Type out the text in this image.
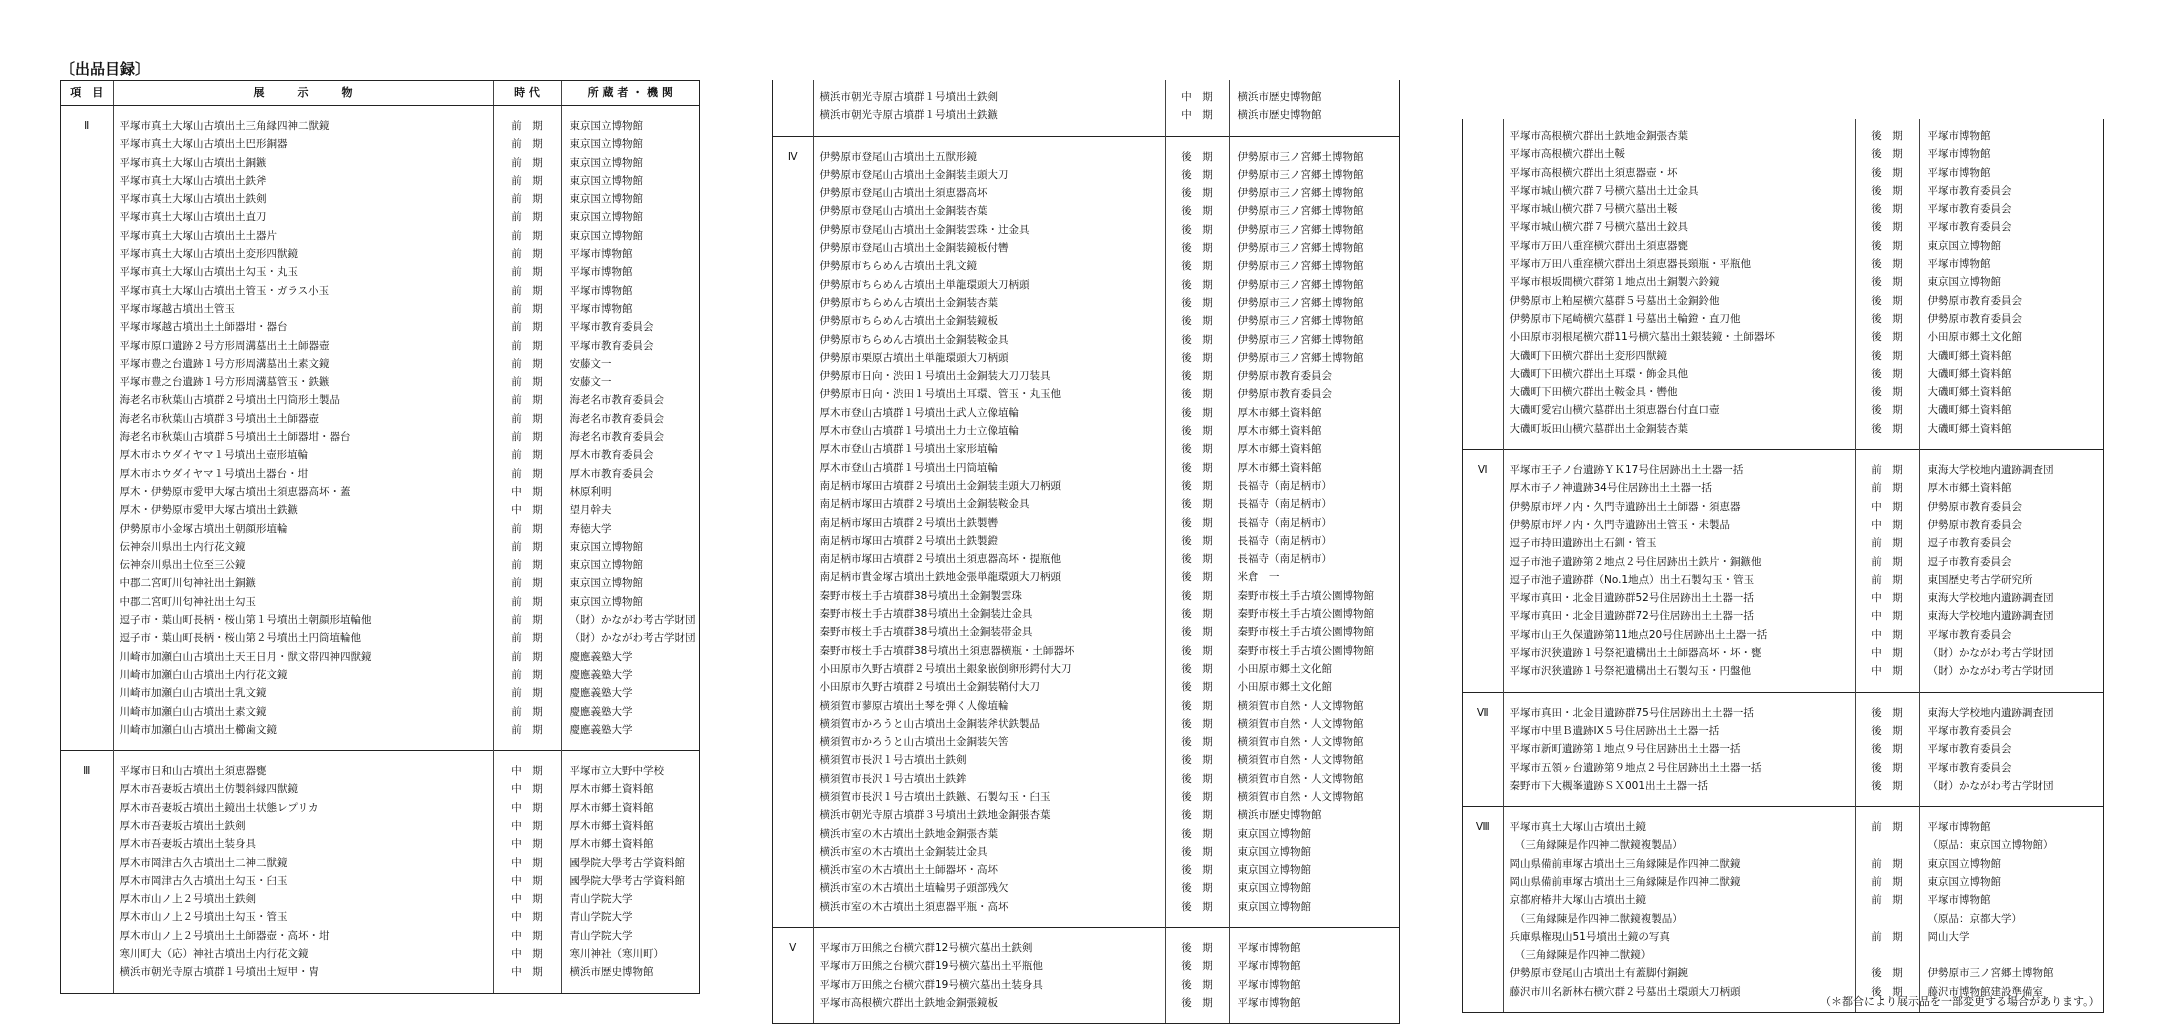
〔出品目録〕
項　目	展　　　示　　　物	時 代	所 蔵 者 ・ 機 関
Ⅱ	平塚市真土大塚山古墳出土三角縁四神二獣鏡	前　期	東京国立博物館
	平塚市真土大塚山古墳出土巴形銅器	前　期	東京国立博物館
	平塚市真土大塚山古墳出土銅鏃	前　期	東京国立博物館
	平塚市真土大塚山古墳出土鉄斧	前　期	東京国立博物館
	平塚市真土大塚山古墳出土鉄剣	前　期	東京国立博物館
	平塚市真土大塚山古墳出土直刀	前　期	東京国立博物館
	平塚市真土大塚山古墳出土土器片	前　期	東京国立博物館
	平塚市真土大塚山古墳出土変形四獣鏡	前　期	平塚市博物館
	平塚市真土大塚山古墳出土勾玉・丸玉	前　期	平塚市博物館
	平塚市真土大塚山古墳出土管玉・ガラス小玉	前　期	平塚市博物館
	平塚市塚越古墳出土管玉	前　期	平塚市博物館
	平塚市塚越古墳出土土師器坩・器台	前　期	平塚市教育委員会
	平塚市原口遺跡２号方形周溝墓出土土師器壺	前　期	平塚市教育委員会
	平塚市豊之台遺跡１号方形周溝墓出土素文鏡	前　期	安藤文一
	平塚市豊之台遺跡１号方形周溝墓管玉・鉄鏃	前　期	安藤文一
	海老名市秋葉山古墳群２号墳出土円筒形土製品	前　期	海老名市教育委員会
	海老名市秋葉山古墳群３号墳出土土師器壺	前　期	海老名市教育委員会
	海老名市秋葉山古墳群５号墳出土土師器坩・器台	前　期	海老名市教育委員会
	厚木市ホウダイヤマ１号墳出土壺形埴輪	前　期	厚木市教育委員会
	厚木市ホウダイヤマ１号墳出土器台・坩	前　期	厚木市教育委員会
	厚木・伊勢原市愛甲大塚古墳出土須恵器高坏・蓋	中　期	林原利明
	厚木・伊勢原市愛甲大塚古墳出土鉄鏃	中　期	望月幹夫
	伊勢原市小金塚古墳出土朝顔形埴輪	前　期	寿徳大学
	伝神奈川県出土内行花文鏡	前　期	東京国立博物館
	伝神奈川県出土位至三公鏡	前　期	東京国立博物館
	中郡二宮町川匂神社出土銅鏃	前　期	東京国立博物館
	中郡二宮町川匂神社出土勾玉	前　期	東京国立博物館
	逗子市・葉山町長柄・桜山第１号墳出土朝顔形埴輪他	前　期	（財）かながわ考古学財団
	逗子市・葉山町長柄・桜山第２号墳出土円筒埴輪他	前　期	（財）かながわ考古学財団
	川崎市加瀬白山古墳出土天王日月・獣文帯四神四獣鏡	前　期	慶應義塾大学
	川崎市加瀬白山古墳出土内行花文鏡	前　期	慶應義塾大学
	川崎市加瀬白山古墳出土乳文鏡	前　期	慶應義塾大学
	川崎市加瀬白山古墳出土素文鏡	前　期	慶應義塾大学
	川崎市加瀬白山古墳出土櫛歯文鏡	前　期	慶應義塾大学
Ⅲ	平塚市日和山古墳出土須恵器甕	中　期	平塚市立大野中学校
	厚木市吾妻坂古墳出土仿製斜縁四獣鏡	中　期	厚木市郷土資料館
	厚木市吾妻坂古墳出土鏡出土状態レプリカ	中　期	厚木市郷土資料館
	厚木市吾妻坂古墳出土鉄剣	中　期	厚木市郷土資料館
	厚木市吾妻坂古墳出土装身具	中　期	厚木市郷土資料館
	厚木市岡津古久古墳出土二神二獣鏡	中　期	國學院大學考古学資料館
	厚木市岡津古久古墳出土勾玉・臼玉	中　期	國學院大學考古学資料館
	厚木市山ノ上２号墳出土鉄剣	中　期	青山学院大学
	厚木市山ノ上２号墳出土勾玉・管玉	中　期	青山学院大学
	厚木市山ノ上２号墳出土土師器壺・高坏・坩	中　期	青山学院大学
	寒川町大（応）神社古墳出土内行花文鏡	中　期	寒川神社（寒川町）
	横浜市朝光寺原古墳群１号墳出土短甲・冑	中　期	横浜市歴史博物館
	横浜市朝光寺原古墳群１号墳出土鉄剣	中　期	横浜市歴史博物館
	横浜市朝光寺原古墳群１号墳出土鉄鏃	中　期	横浜市歴史博物館
Ⅳ	伊勢原市登尾山古墳出土五獣形鏡	後　期	伊勢原市三ノ宮郷土博物館
	伊勢原市登尾山古墳出土金銅装圭頭大刀	後　期	伊勢原市三ノ宮郷土博物館
	伊勢原市登尾山古墳出土須恵器高坏	後　期	伊勢原市三ノ宮郷土博物館
	伊勢原市登尾山古墳出土金銅装杏葉	後　期	伊勢原市三ノ宮郷土博物館
	伊勢原市登尾山古墳出土金銅装雲珠・辻金具	後　期	伊勢原市三ノ宮郷土博物館
	伊勢原市登尾山古墳出土金銅装鏡板付轡	後　期	伊勢原市三ノ宮郷土博物館
	伊勢原市ちらめん古墳出土乳文鏡	後　期	伊勢原市三ノ宮郷土博物館
	伊勢原市ちらめん古墳出土単龍環頭大刀柄頭	後　期	伊勢原市三ノ宮郷土博物館
	伊勢原市ちらめん古墳出土金銅装杏葉	後　期	伊勢原市三ノ宮郷土博物館
	伊勢原市ちらめん古墳出土金銅装鏡板	後　期	伊勢原市三ノ宮郷土博物館
	伊勢原市ちらめん古墳出土金銅装鞍金具	後　期	伊勢原市三ノ宮郷土博物館
	伊勢原市栗原古墳出土単龍環頭大刀柄頭	後　期	伊勢原市三ノ宮郷土博物館
	伊勢原市日向・渋田１号墳出土金銅装大刀刀装具	後　期	伊勢原市教育委員会
	伊勢原市日向・渋田１号墳出土耳環、管玉・丸玉他	後　期	伊勢原市教育委員会
	厚木市登山古墳群１号墳出土武人立像埴輪	後　期	厚木市郷土資料館
	厚木市登山古墳群１号墳出土力士立像埴輪	後　期	厚木市郷土資料館
	厚木市登山古墳群１号墳出土家形埴輪	後　期	厚木市郷土資料館
	厚木市登山古墳群１号墳出土円筒埴輪	後　期	厚木市郷土資料館
	南足柄市塚田古墳群２号墳出土金銅装圭頭大刀柄頭	後　期	長福寺（南足柄市）
	南足柄市塚田古墳群２号墳出土金銅装鞍金具	後　期	長福寺（南足柄市）
	南足柄市塚田古墳群２号墳出土鉄製轡	後　期	長福寺（南足柄市）
	南足柄市塚田古墳群２号墳出土鉄製鐙	後　期	長福寺（南足柄市）
	南足柄市塚田古墳群２号墳出土須恵器高坏・提瓶他	後　期	長福寺（南足柄市）
	南足柄市貴金塚古墳出土鉄地金張単龍環頭大刀柄頭	後　期	米倉　一
	秦野市桜土手古墳群38号墳出土金銅製雲珠	後　期	秦野市桜土手古墳公園博物館
	秦野市桜土手古墳群38号墳出土金銅装辻金具	後　期	秦野市桜土手古墳公園博物館
	秦野市桜土手古墳群38号墳出土金銅装帯金具	後　期	秦野市桜土手古墳公園博物館
	秦野市桜土手古墳群38号墳出土須恵器横瓶・土師器坏	後　期	秦野市桜土手古墳公園博物館
	小田原市久野古墳群２号墳出土銀象嵌倒卵形鍔付大刀	後　期	小田原市郷土文化館
	小田原市久野古墳群２号墳出土金銅装鞘付大刀	後　期	小田原市郷土文化館
	横須賀市蓼原古墳出土琴を弾く人像埴輪	後　期	横須賀市自然・人文博物館
	横須賀市かろうと山古墳出土金銅装斧状鉄製品	後　期	横須賀市自然・人文博物館
	横須賀市かろうと山古墳出土金銅装矢筈	後　期	横須賀市自然・人文博物館
	横須賀市長沢１号古墳出土鉄剣	後　期	横須賀市自然・人文博物館
	横須賀市長沢１号古墳出土鉄鉾	後　期	横須賀市自然・人文博物館
	横須賀市長沢１号古墳出土鉄鏃、石製勾玉・臼玉	後　期	横須賀市自然・人文博物館
	横浜市朝光寺原古墳群３号墳出土鉄地金銅張杏葉	後　期	横浜市歴史博物館
	横浜市室の木古墳出土鉄地金銅張杏葉	後　期	東京国立博物館
	横浜市室の木古墳出土金銅装辻金具	後　期	東京国立博物館
	横浜市室の木古墳出土土師器坏・高坏	後　期	東京国立博物館
	横浜市室の木古墳出土埴輪男子頭部残欠	後　期	東京国立博物館
	横浜市室の木古墳出土須恵器平瓶・高坏	後　期	東京国立博物館
Ⅴ	平塚市万田熊之台横穴群12号横穴墓出土鉄剣	後　期	平塚市博物館
	平塚市万田熊之台横穴群19号横穴墓出土平瓶他	後　期	平塚市博物館
	平塚市万田熊之台横穴群19号横穴墓出土装身具	後　期	平塚市博物館
	平塚市高根横穴群出土鉄地金銅張鏡板	後　期	平塚市博物館
	平塚市高根横穴群出土鉄地金銅張杏葉	後　期	平塚市博物館
	平塚市高根横穴群出土鞖	後　期	平塚市博物館
	平塚市高根横穴群出土須恵器壺・坏	後　期	平塚市博物館
	平塚市城山横穴群７号横穴墓出土辻金具	後　期	平塚市教育委員会
	平塚市城山横穴群７号横穴墓出土鞖	後　期	平塚市教育委員会
	平塚市城山横穴群７号横穴墓出土鉸具	後　期	平塚市教育委員会
	平塚市万田八重窪横穴群出土須恵器甕	後　期	東京国立博物館
	平塚市万田八重窪横穴群出土須恵器長頸瓶・平瓶他	後　期	平塚市博物館
	平塚市根坂間横穴群第１地点出土銅製六鈴鏡	後　期	東京国立博物館
	伊勢原市上粕屋横穴墓群５号墓出土金銅鈴他	後　期	伊勢原市教育委員会
	伊勢原市下尾崎横穴墓群１号墓出土輪鐙・直刀他	後　期	伊勢原市教育委員会
	小田原市羽根尾横穴群11号横穴墓出土銀装鏡・土師器坏	後　期	小田原市郷土文化館
	大磯町下田横穴群出土変形四獣鏡	後　期	大磯町郷土資料館
	大磯町下田横穴群出土耳環・飾金具他	後　期	大磯町郷土資料館
	大磯町下田横穴群出土鞍金具・轡他	後　期	大磯町郷土資料館
	大磯町愛宕山横穴墓群出土須恵器台付直口壺	後　期	大磯町郷土資料館
	大磯町坂田山横穴墓群出土金銅装杏葉	後　期	大磯町郷土資料館
Ⅵ	平塚市王子ノ台遺跡ＹＫ17号住居跡出土土器一括	前　期	東海大学校地内遺跡調査団
	厚木市子ノ神遺跡34号住居跡出土土器一括	前　期	厚木市郷土資料館
	伊勢原市坪ノ内・久門寺遺跡出土土師器・須恵器	中　期	伊勢原市教育委員会
	伊勢原市坪ノ内・久門寺遺跡出土管玉・未製品	中　期	伊勢原市教育委員会
	逗子市持田遺跡出土石釧・管玉	前　期	逗子市教育委員会
	逗子市池子遺跡第２地点２号住居跡出土鉄片・銅鏃他	前　期	逗子市教育委員会
	逗子市池子遺跡群（No.1地点）出土石製勾玉・管玉	前　期	東国歴史考古学研究所
	平塚市真田・北金目遺跡群52号住居跡出土土器一括	中　期	東海大学校地内遺跡調査団
	平塚市真田・北金目遺跡群72号住居跡出土土器一括	中　期	東海大学校地内遺跡調査団
	平塚市山王久保遺跡第11地点20号住居跡出土土器一括	中　期	平塚市教育委員会
	平塚市沢狭遺跡１号祭祀遺構出土土師器高坏・坏・甕	中　期	（財）かながわ考古学財団
	平塚市沢狭遺跡１号祭祀遺構出土石製勾玉・円盤他	中　期	（財）かながわ考古学財団
Ⅶ	平塚市真田・北金目遺跡群75号住居跡出土土器一括	後　期	東海大学校地内遺跡調査団
	平塚市中里Ｂ遺跡ⅠⅩ５号住居跡出土土器一括	後　期	平塚市教育委員会
	平塚市新町遺跡第１地点９号住居跡出土土器一括	後　期	平塚市教育委員会
	平塚市五領ヶ台遺跡第９地点２号住居跡出土土器一括	後　期	平塚市教育委員会
	秦野市下大槻峯遺跡ＳＸ001出土土器一括	後　期	（財）かながわ考古学財団
Ⅷ	平塚市真土大塚山古墳出土鏡	前　期	平塚市博物館
	　（三角縁陳是作四神二獣鏡複製品）		（原品：東京国立博物館）
	岡山県備前車塚古墳出土三角縁陳是作四神二獣鏡	前　期	東京国立博物館
	岡山県備前車塚古墳出土三角縁陳是作四神二獣鏡	前　期	東京国立博物館
	京都府椿井大塚山古墳出土鏡	前　期	平塚市博物館
	　（三角縁陳是作四神二獣鏡複製品）		（原品：京都大学）
	兵庫県権現山51号墳出土鏡の写真	前　期	岡山大学
	　（三角縁陳是作四神二獣鏡）		
	伊勢原市登尾山古墳出土有蓋脚付銅鋺	後　期	伊勢原市三ノ宮郷土博物館
	藤沢市川名新林右横穴群２号墓出土環頭大刀柄頭	後　期	藤沢市博物館建設準備室
（＊都合により展示品を一部変更する場合があります。）
